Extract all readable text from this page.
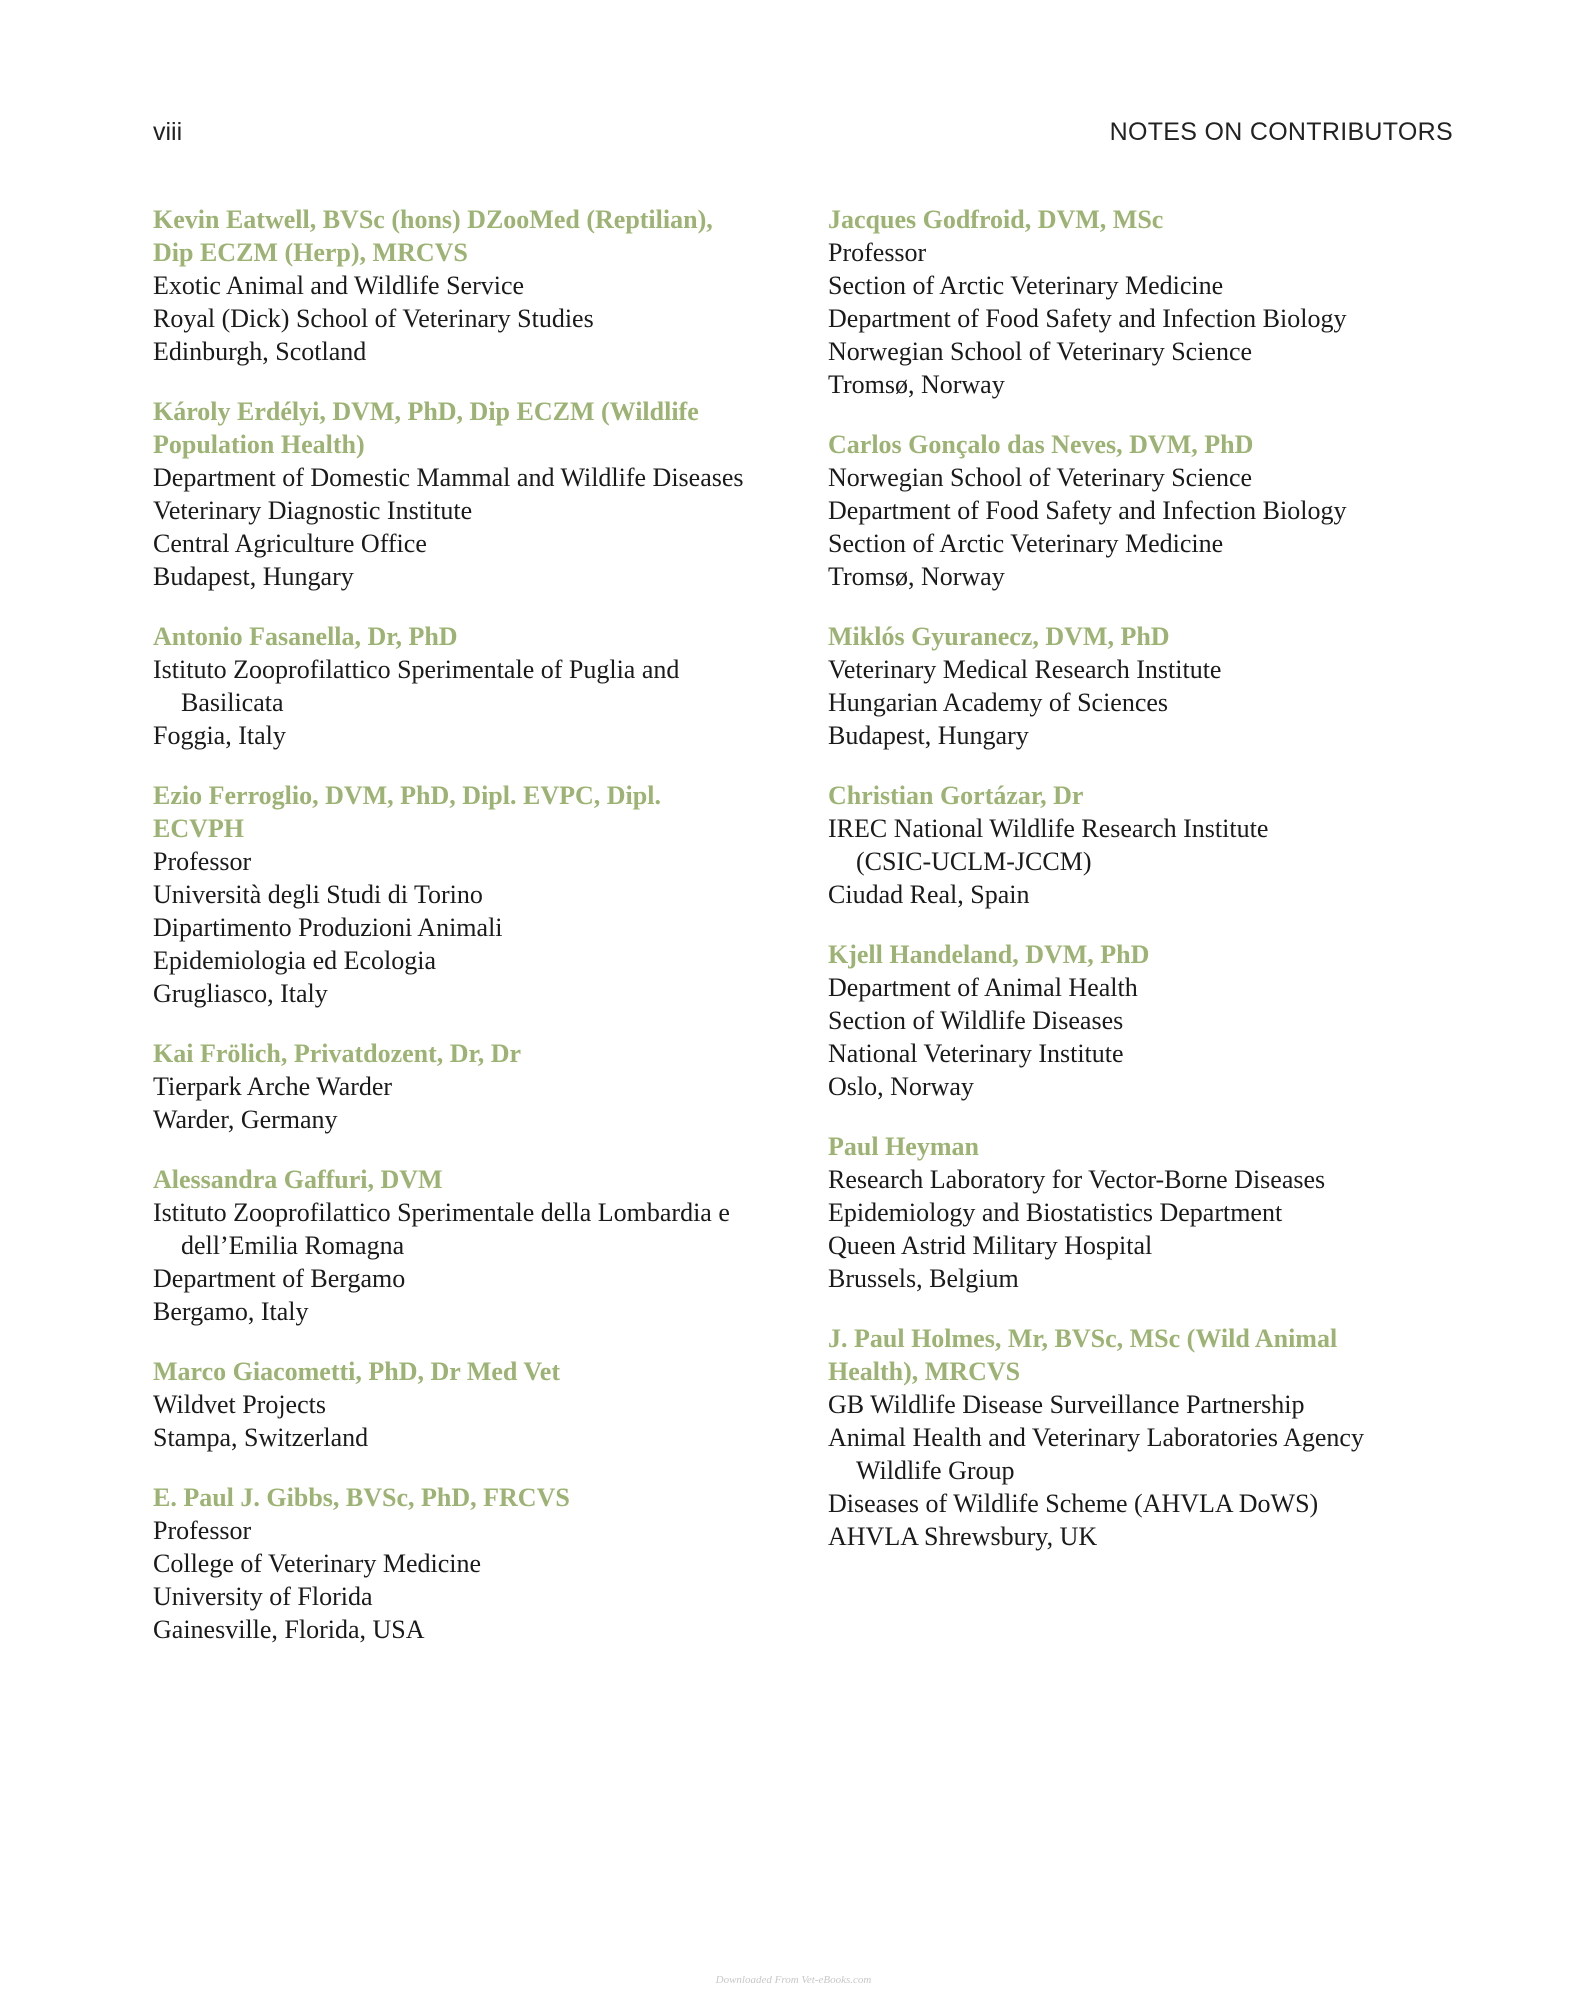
viii	NOTES ON CONTRIBUTORS
Kevin Eatwell, BVSc (hons) DZooMed (Reptilian),
Dip ECZM (Herp), MRCVS
Exotic Animal and Wildlife Service
Royal (Dick) School of Veterinary Studies
Edinburgh, Scotland
Károly Erdélyi, DVM, PhD, Dip ECZM (Wildlife
Population Health)
Department of Domestic Mammal and Wildlife Diseases
Veterinary Diagnostic Institute
Central Agriculture Office
Budapest, Hungary
Antonio Fasanella, Dr, PhD
Istituto Zooprofilattico Sperimentale of Puglia and
Basilicata
Foggia, Italy
Ezio Ferroglio, DVM, PhD, Dipl. EVPC, Dipl.
ECVPH
Professor
Università degli Studi di Torino
Dipartimento Produzioni Animali
Epidemiologia ed Ecologia
Grugliasco, Italy
Kai Frölich, Privatdozent, Dr, Dr
Tierpark Arche Warder
Warder, Germany
Alessandra Gaffuri, DVM
Istituto Zooprofilattico Sperimentale della Lombardia e
dell’Emilia Romagna
Department of Bergamo
Bergamo, Italy
Marco Giacometti, PhD, Dr Med Vet
Wildvet Projects
Stampa, Switzerland
E. Paul J. Gibbs, BVSc, PhD, FRCVS
Professor
College of Veterinary Medicine
University of Florida
Gainesville, Florida, USA
Jacques Godfroid, DVM, MSc
Professor
Section of Arctic Veterinary Medicine
Department of Food Safety and Infection Biology
Norwegian School of Veterinary Science
Tromsø, Norway
Carlos Gonçalo das Neves, DVM, PhD
Norwegian School of Veterinary Science
Department of Food Safety and Infection Biology
Section of Arctic Veterinary Medicine
Tromsø, Norway
Miklós Gyuranecz, DVM, PhD
Veterinary Medical Research Institute
Hungarian Academy of Sciences
Budapest, Hungary
Christian Gortázar, Dr
IREC National Wildlife Research Institute
(CSIC-UCLM-JCCM)
Ciudad Real, Spain
Kjell Handeland, DVM, PhD
Department of Animal Health
Section of Wildlife Diseases
National Veterinary Institute
Oslo, Norway
Paul Heyman
Research Laboratory for Vector-Borne Diseases
Epidemiology and Biostatistics Department
Queen Astrid Military Hospital
Brussels, Belgium
J. Paul Holmes, Mr, BVSc, MSc (Wild Animal
Health), MRCVS
GB Wildlife Disease Surveillance Partnership
Animal Health and Veterinary Laboratories Agency
Wildlife Group
Diseases of Wildlife Scheme (AHVLA DoWS)
AHVLA Shrewsbury, UK
Downloaded From Vet-eBooks.com
